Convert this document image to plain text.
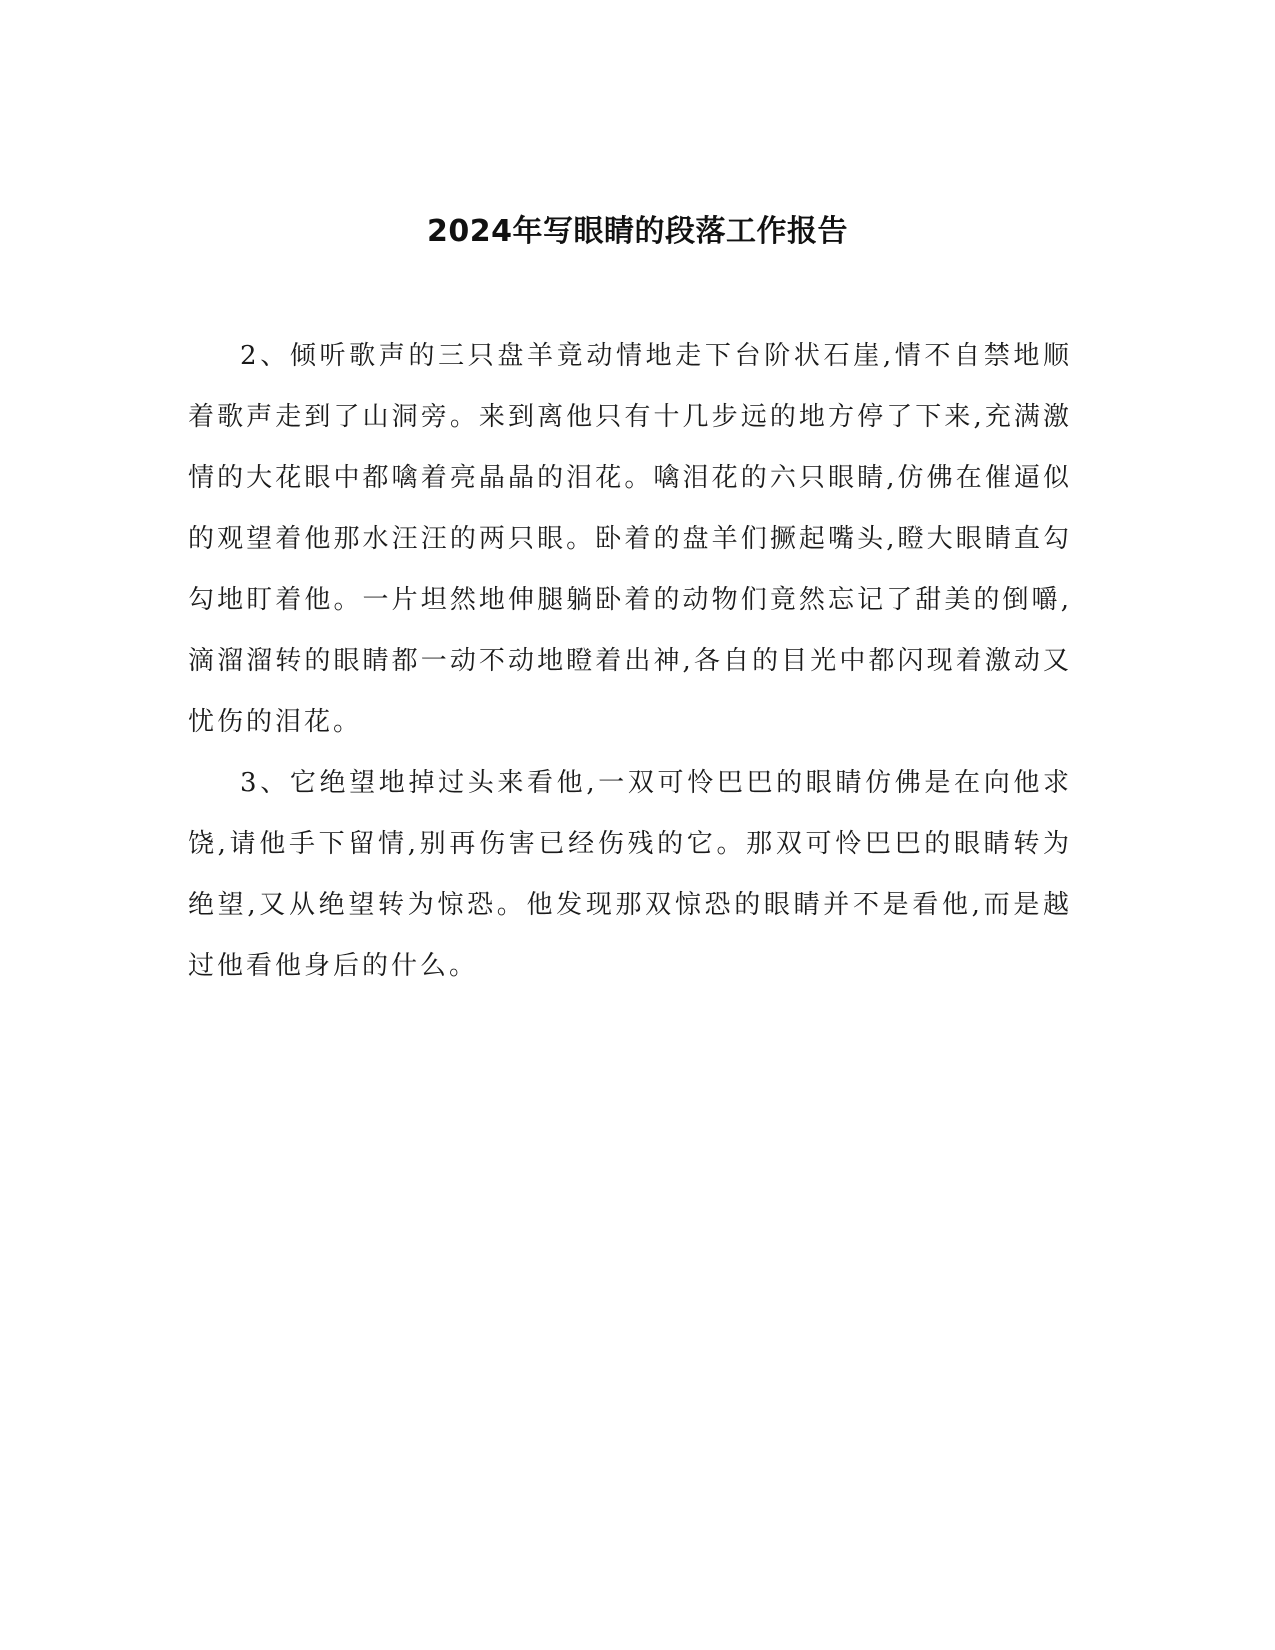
2024年写眼睛的段落工作报告

2、倾听歌声的三只盘羊竟动情地走下台阶状石崖,情不自禁地顺着歌声走到了山洞旁。来到离他只有十几步远的地方停了下来,充满激情的大花眼中都噙着亮晶晶的泪花。噙泪花的六只眼睛,仿佛在催逼似的观望着他那水汪汪的两只眼。卧着的盘羊们撅起嘴头,瞪大眼睛直勾勾地盯着他。一片坦然地伸腿躺卧着的动物们竟然忘记了甜美的倒嚼,滴溜溜转的眼睛都一动不动地瞪着出神,各自的目光中都闪现着激动又忧伤的泪花。

3、它绝望地掉过头来看他,一双可怜巴巴的眼睛仿佛是在向他求饶,请他手下留情,别再伤害已经伤残的它。那双可怜巴巴的眼睛转为绝望,又从绝望转为惊恐。他发现那双惊恐的眼睛并不是看他,而是越过他看他身后的什么。
